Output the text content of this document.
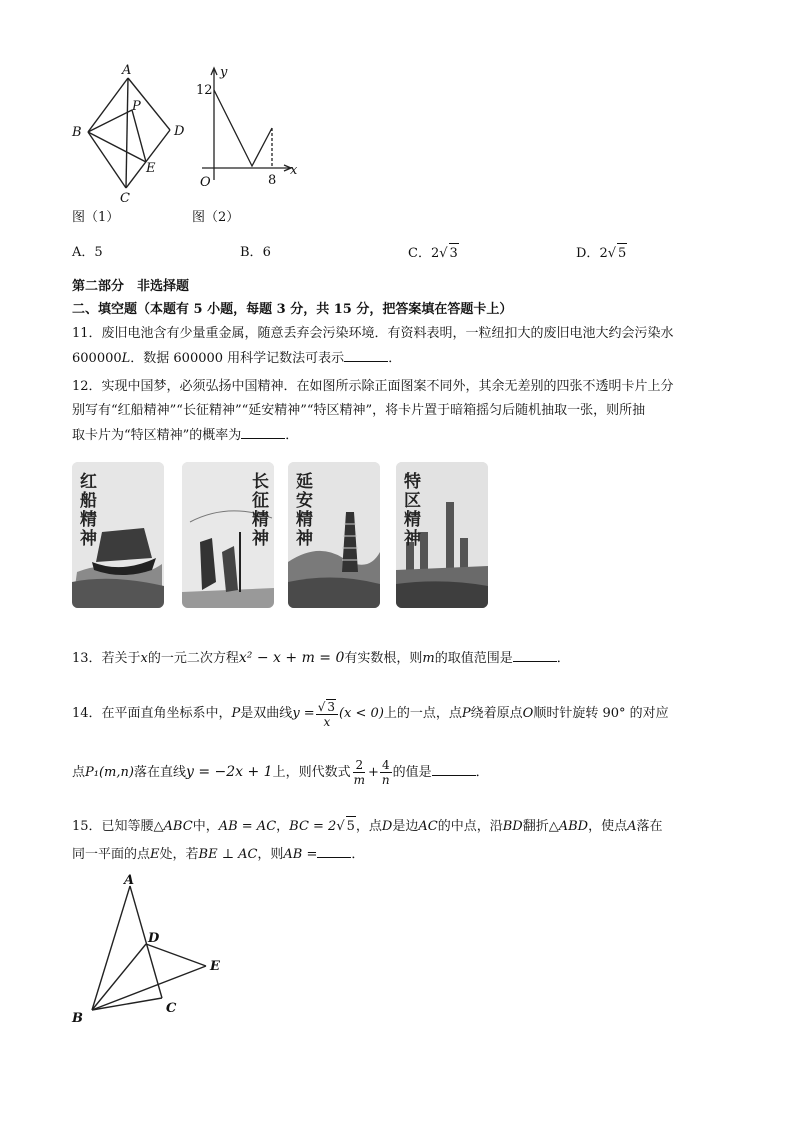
A
P
B	D
E
C
y
12
O	8
x
图（1）	图（2）
A．5	B．6	C．2√ 3	D．2√ 5
第二部分　非选择题
二、填空题（本题有 5 小题，每题 3 分，共 15 分，把答案填在答题卡上）
11．废旧电池含有少量重金属，随意丢弃会污染环境．有资料表明，一粒纽扣大的废旧电池大约会污染水
600000L．数据 600000 用科学记数法可表示	．
12．实现中国梦，必须弘扬中国精神．在如图所示除正面图案不同外，其余无差别的四张不透明卡片上分
别写有“红船精神”“长征精神”“延安精神”“特区精神”，将卡片置于暗箱摇匀后随机抽取一张，则所抽
取卡片为“特区精神”的概率为	．
红船精神	长征精神 延安精神	特区精神
13．若关于x的一元二次方程x² − x + m = 0有实数根，则m的取值范围是	．
14．在平面直角坐标系中，P是双曲线$y = \frac{√ 3}{x} (x < 0)$上的一点，点P绕着原点O顺时针旋转 90° 的对应
点P₁(m,n)落在直线y = −2x + 1上，则代数式 $\frac{2}{m} + \frac{4}{n}$ 的值是	．
15．已知等腰△ABC中，AB = AC，BC = 2√ 5，点D是边AC的中点，沿BD翻折△ABD，使点A落在
同一平面的点E处，若BE ⊥ AC，则AB =	．
A
D
E
B
C
